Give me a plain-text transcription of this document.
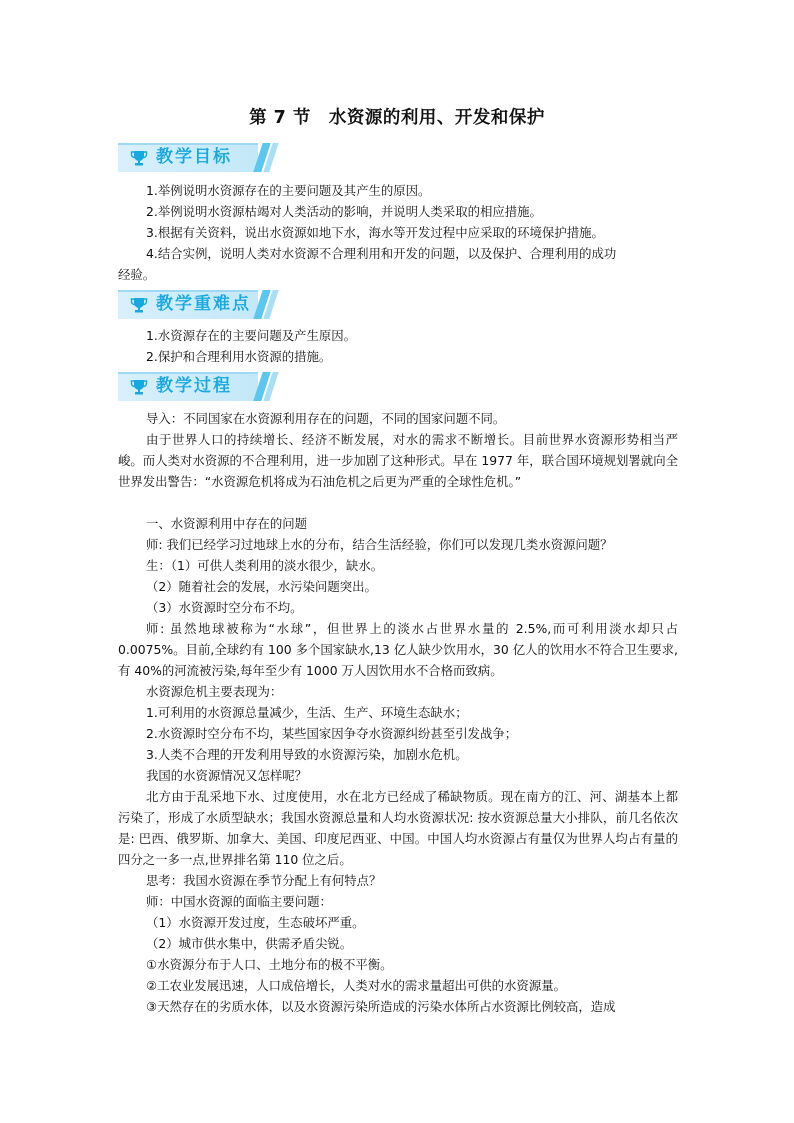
第 7 节　水资源的利用、开发和保护
教学目标
1.举例说明水资源存在的主要问题及其产生的原因。
2.举例说明水资源枯竭对人类活动的影响，并说明人类采取的相应措施。
3.根据有关资料，说出水资源如地下水，海水等开发过程中应采取的环境保护措施。
4.结合实例，说明人类对水资源不合理利用和开发的问题，以及保护、合理利用的成功
经验。
教学重难点
1.水资源存在的主要问题及产生原因。
2.保护和合理利用水资源的措施。
教学过程
导入：不同国家在水资源利用存在的问题，不同的国家问题不同。
由于世界人口的持续增长、经济不断发展，对水的需求不断增长。目前世界水资源形势相当严峻。而人类对水资源的不合理利用，进一步加剧了这种形式。早在 1977 年，联合国环境规划署就向全世界发出警告：“水资源危机将成为石油危机之后更为严重的全球性危机。”
一、水资源利用中存在的问题
师: 我们已经学习过地球上水的分布，结合生活经验，你们可以发现几类水资源问题？
生：（1）可供人类利用的淡水很少，缺水。
（2）随着社会的发展，水污染问题突出。
（3）水资源时空分布不均。
师: 虽然地球被称为“水球”，但世界上的淡水占世界水量的 2.5%,而可利用淡水却只占 0.0075%。目前,全球约有 100 多个国家缺水,13 亿人缺少饮用水，30 亿人的饮用水不符合卫生要求,有 40%的河流被污染,每年至少有 1000 万人因饮用水不合格而致病。
水资源危机主要表现为：
1.可利用的水资源总量减少，生活、生产、环境生态缺水；
2.水资源时空分布不均，某些国家因争夺水资源纠纷甚至引发战争；
3.人类不合理的开发利用导致的水资源污染，加剧水危机。
我国的水资源情况又怎样呢？
北方由于乱采地下水、过度使用，水在北方已经成了稀缺物质。现在南方的江、河、湖基本上都污染了，形成了水质型缺水；我国水资源总量和人均水资源状况: 按水资源总量大小排队，前几名依次是: 巴西、俄罗斯、加拿大、美国、印度尼西亚、中国。中国人均水资源占有量仅为世界人均占有量的四分之一多一点,世界排名第 110 位之后。
思考：我国水资源在季节分配上有何特点？
师：中国水资源的面临主要问题：
（1）水资源开发过度，生态破坏严重。
（2）城市供水集中，供需矛盾尖锐。
①水资源分布于人口、土地分布的极不平衡。
②工农业发展迅速，人口成倍增长，人类对水的需求量超出可供的水资源量。
③天然存在的劣质水体，以及水资源污染所造成的污染水体所占水资源比例较高，造成
